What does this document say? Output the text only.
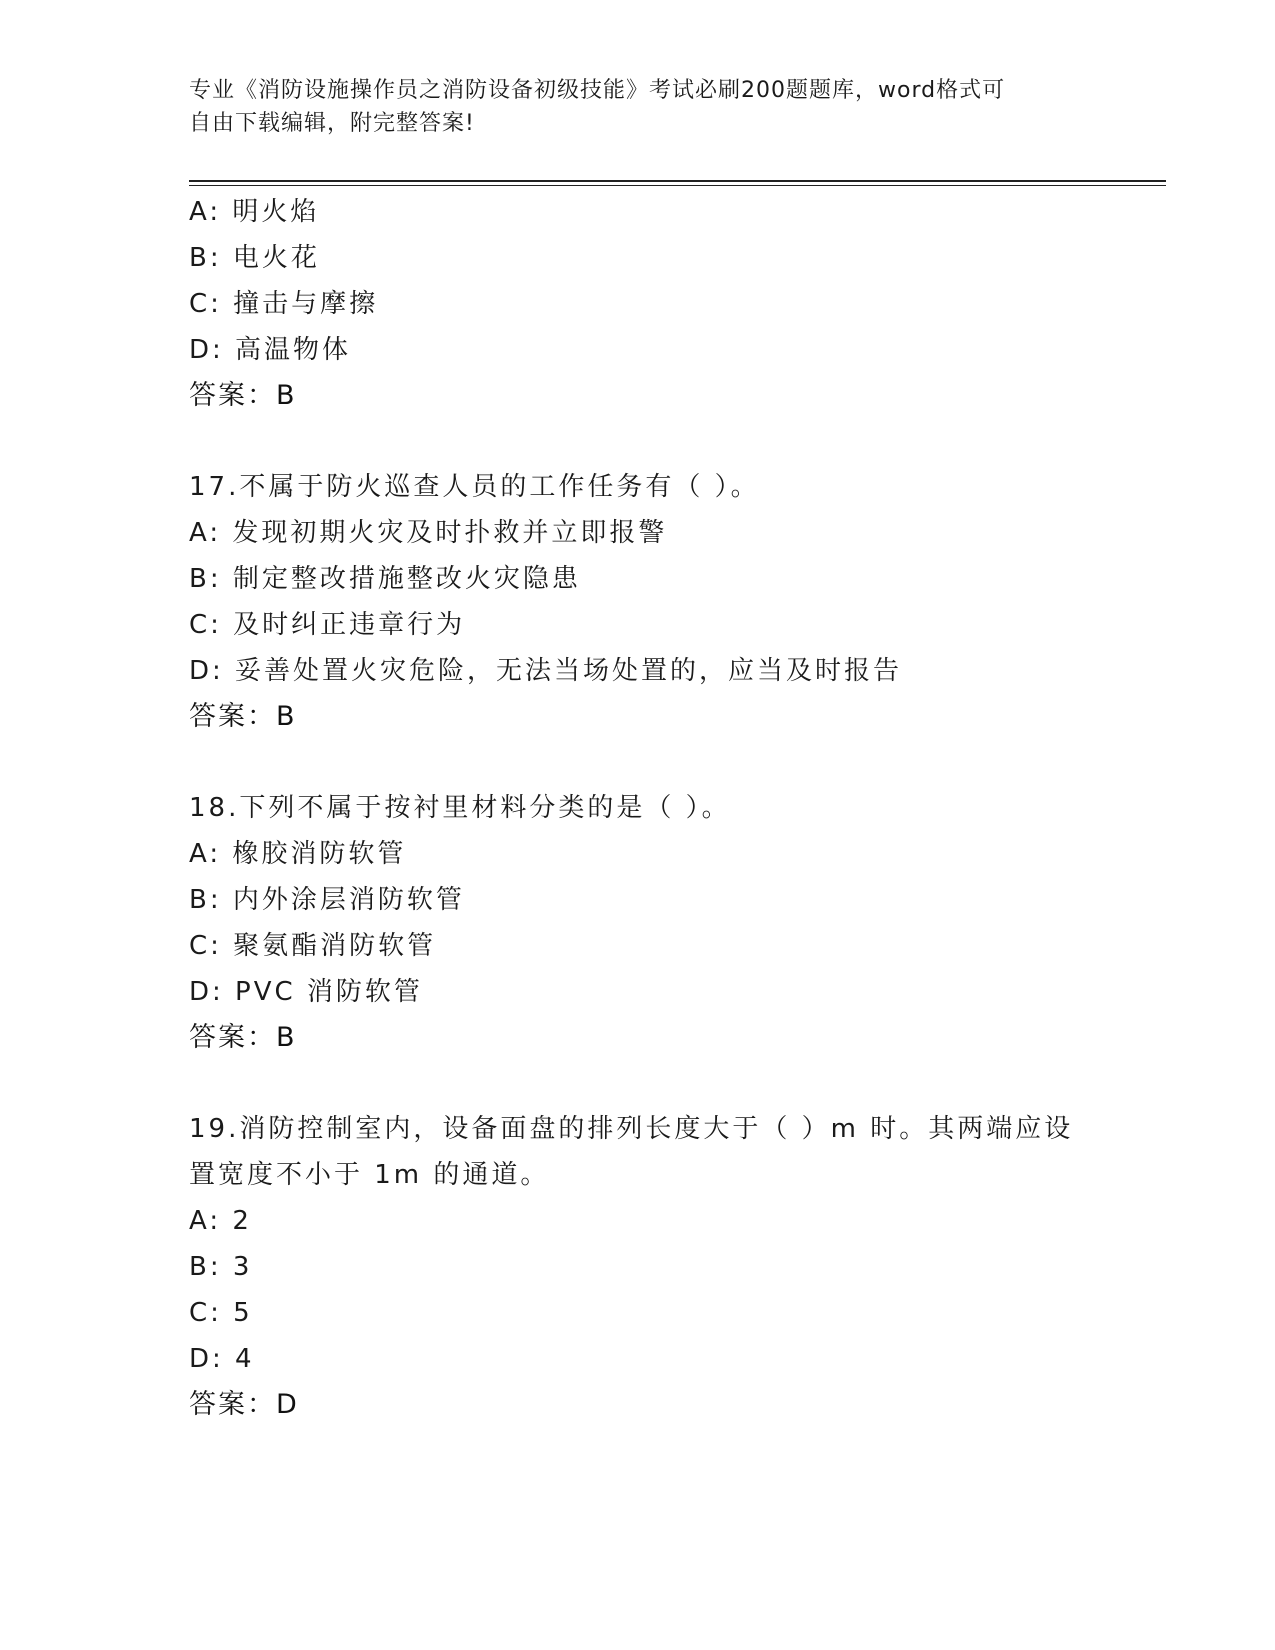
专业《消防设施操作员之消防设备初级技能》考试必刷200题题库，word格式可
自由下载编辑，附完整答案!
A: 明火焰
B: 电火花
C: 撞击与摩擦
D: 高温物体
答案：B
17.不属于防火巡查人员的工作任务有（ ）。
A: 发现初期火灾及时扑救并立即报警
B: 制定整改措施整改火灾隐患
C: 及时纠正违章行为
D: 妥善处置火灾危险，无法当场处置的，应当及时报告
答案：B
18.下列不属于按衬里材料分类的是（ ）。
A: 橡胶消防软管
B: 内外涂层消防软管
C: 聚氨酯消防软管
D: PVC 消防软管
答案：B
19.消防控制室内，设备面盘的排列长度大于（ ）m 时。其两端应设
置宽度不小于 1m 的通道。
A: 2
B: 3
C: 5
D: 4
答案：D
